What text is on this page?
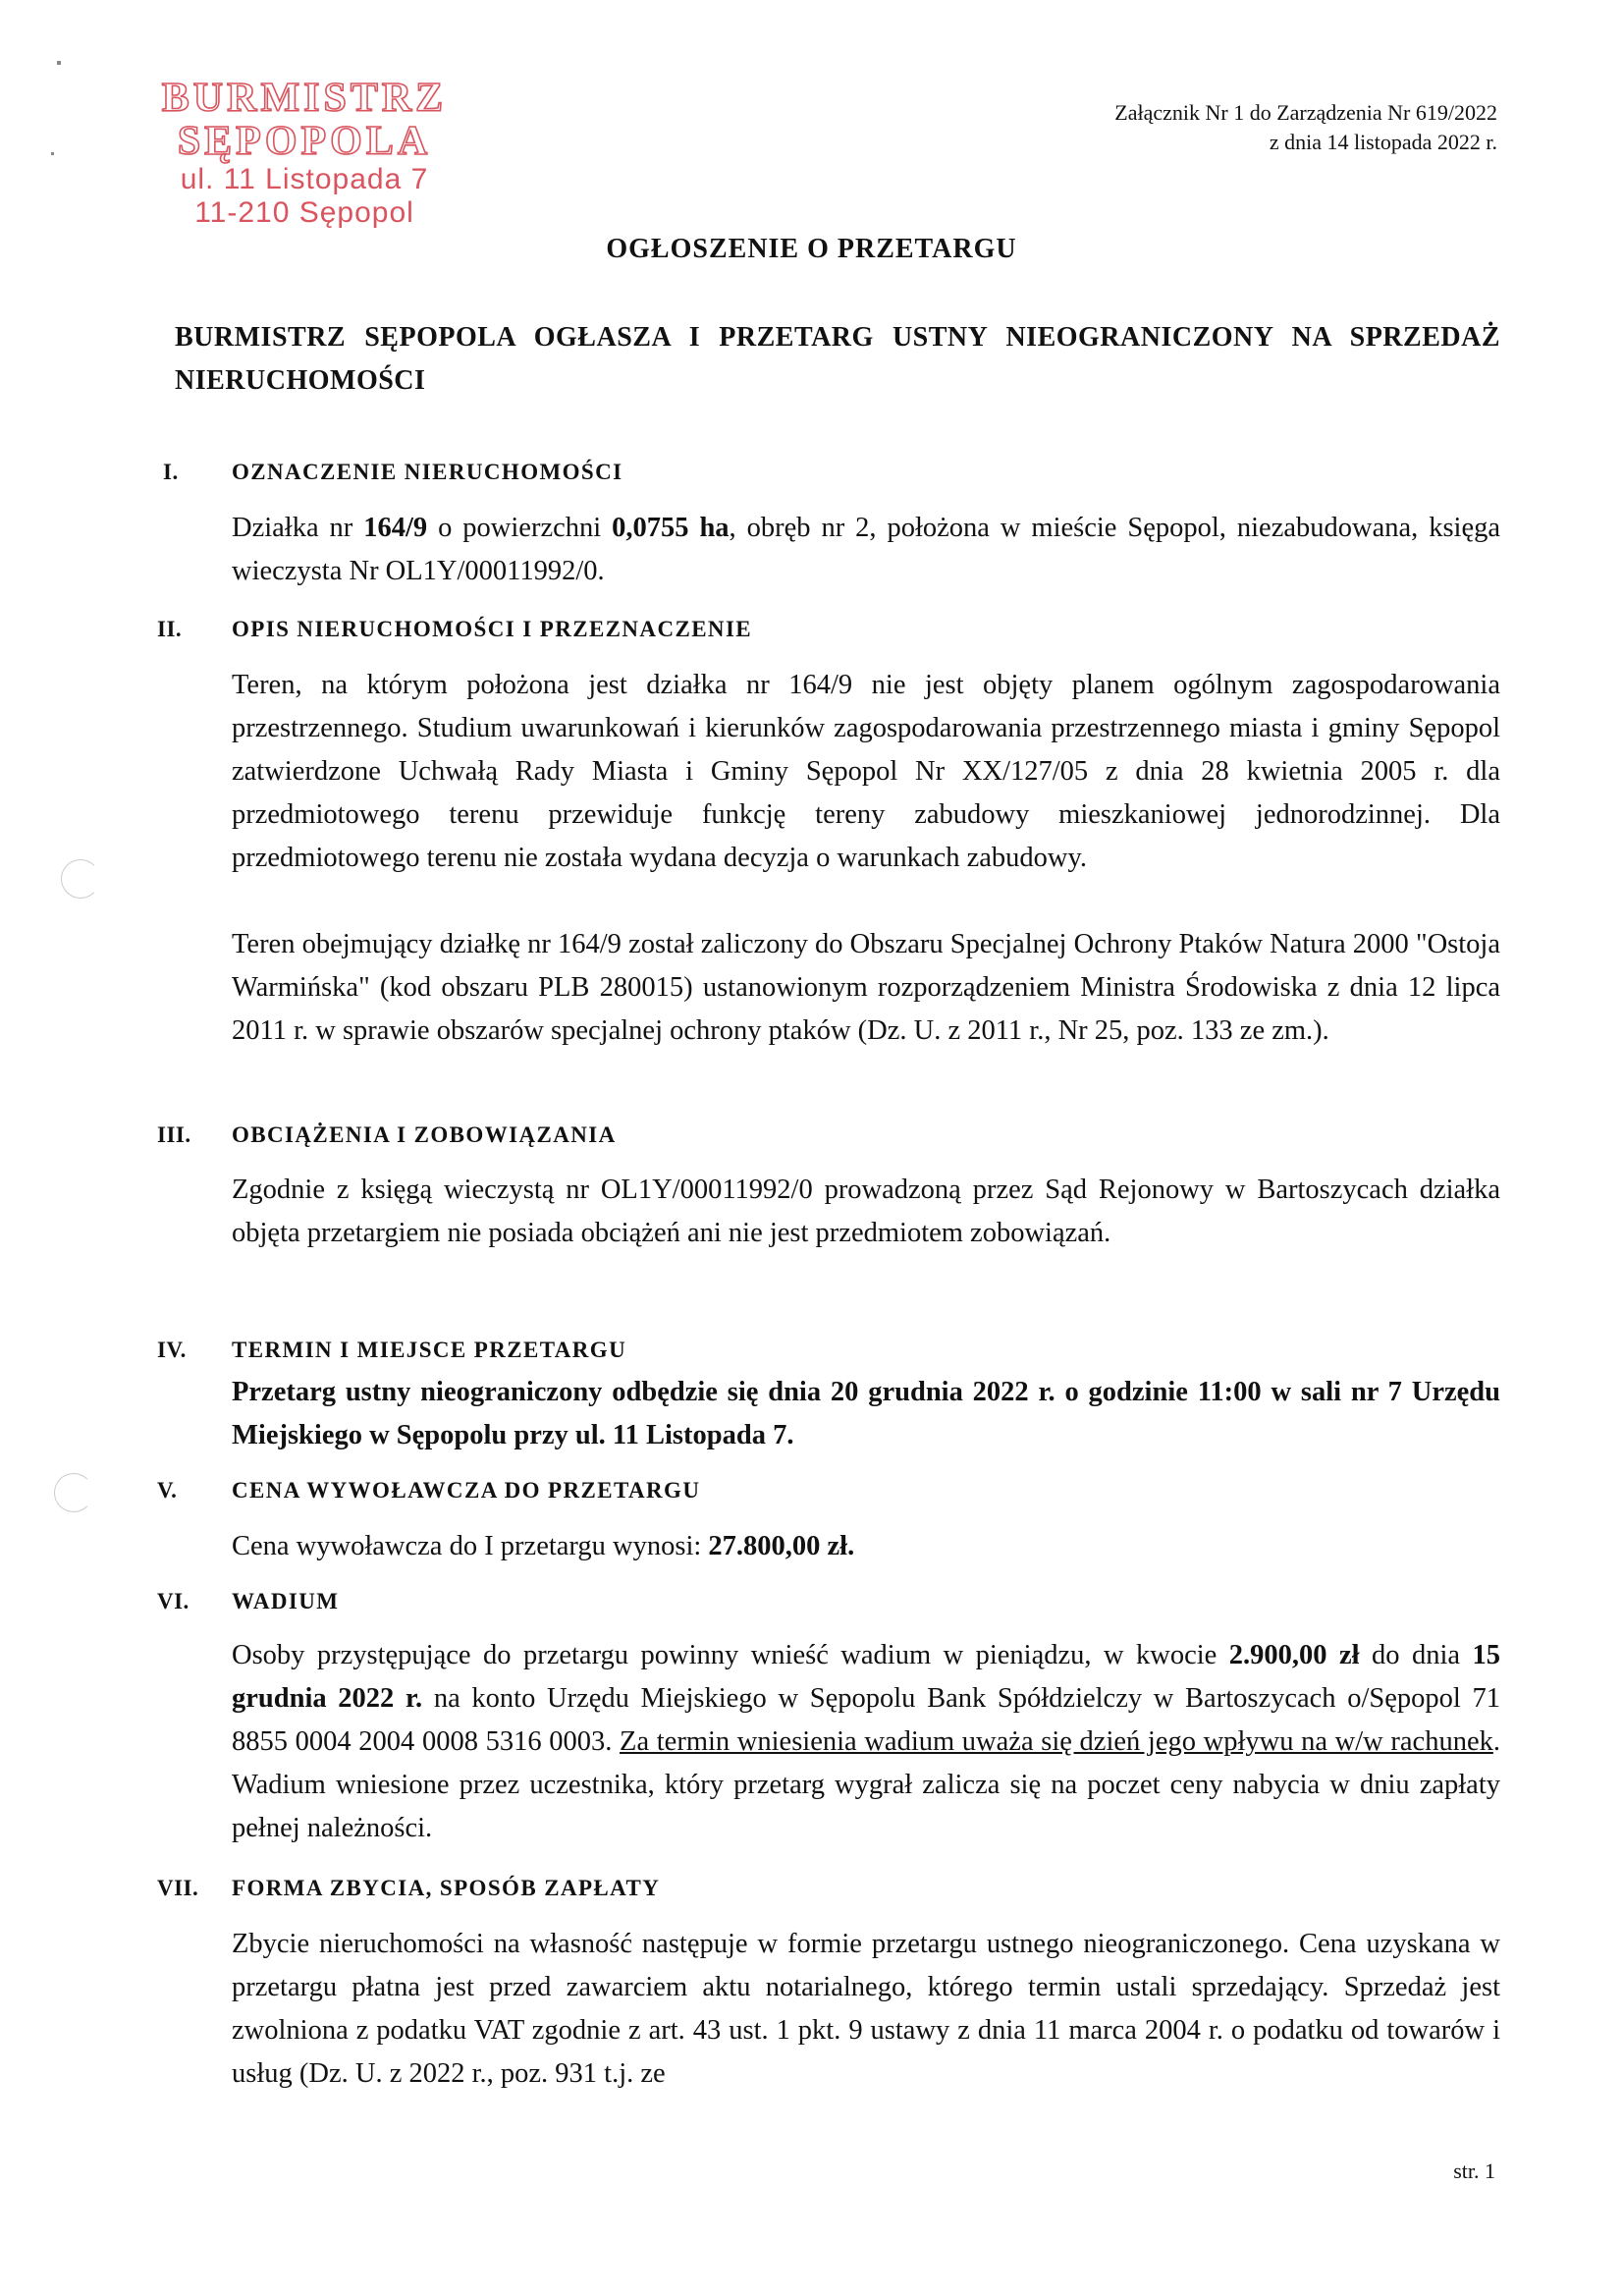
BURMISTRZ
SĘPOPOLA
ul. 11 Listopada 7
11-210 Sępopol
Załącznik Nr 1 do Zarządzenia Nr 619/2022
z dnia 14 listopada 2022 r.
OGŁOSZENIE O PRZETARGU
BURMISTRZ SĘPOPOLA OGŁASZA I PRZETARG USTNY NIEOGRANICZONY NA SPRZEDAŻ NIERUCHOMOŚCI
I.	OZNACZENIE NIERUCHOMOŚCI
Działka nr 164/9 o powierzchni 0,0755 ha, obręb nr 2, położona w mieście Sępopol, niezabudowana, księga wieczysta Nr OL1Y/00011992/0.
II.	OPIS NIERUCHOMOŚCI I PRZEZNACZENIE
Teren, na którym położona jest działka nr 164/9 nie jest objęty planem ogólnym zagospodarowania przestrzennego. Studium uwarunkowań i kierunków zagospodarowania przestrzennego miasta i gminy Sępopol zatwierdzone Uchwałą Rady Miasta i Gminy Sępopol Nr XX/127/05 z dnia 28 kwietnia 2005 r. dla przedmiotowego terenu przewiduje funkcję tereny zabudowy mieszkaniowej jednorodzinnej. Dla przedmiotowego terenu nie została wydana decyzja o warunkach zabudowy.
Teren obejmujący działkę nr 164/9 został zaliczony do Obszaru Specjalnej Ochrony Ptaków Natura 2000 "Ostoja Warmińska" (kod obszaru PLB 280015) ustanowionym rozporządzeniem Ministra Środowiska z dnia 12 lipca 2011 r. w sprawie obszarów specjalnej ochrony ptaków (Dz. U. z 2011 r., Nr 25, poz. 133 ze zm.).
III.	OBCIĄŻENIA I ZOBOWIĄZANIA
Zgodnie z księgą wieczystą nr OL1Y/00011992/0 prowadzoną przez Sąd Rejonowy w Bartoszycach działka objęta przetargiem nie posiada obciążeń ani nie jest przedmiotem zobowiązań.
IV.	TERMIN I MIEJSCE PRZETARGU
Przetarg ustny nieograniczony odbędzie się dnia 20 grudnia 2022 r. o godzinie 11:00 w sali nr 7 Urzędu Miejskiego w Sępopolu przy ul. 11 Listopada 7.
V.	CENA WYWOŁAWCZA DO PRZETARGU
Cena wywoławcza do I przetargu wynosi: 27.800,00 zł.
VI.	WADIUM
Osoby przystępujące do przetargu powinny wnieść wadium w pieniądzu, w kwocie 2.900,00 zł do dnia 15 grudnia 2022 r. na konto Urzędu Miejskiego w Sępopolu Bank Spółdzielczy w Bartoszycach o/Sępopol 71 8855 0004 2004 0008 5316 0003. Za termin wniesienia wadium uważa się dzień jego wpływu na w/w rachunek. Wadium wniesione przez uczestnika, który przetarg wygrał zalicza się na poczet ceny nabycia w dniu zapłaty pełnej należności.
VII.	FORMA ZBYCIA, SPOSÓB ZAPŁATY
Zbycie nieruchomości na własność następuje w formie przetargu ustnego nieograniczonego. Cena uzyskana w przetargu płatna jest przed zawarciem aktu notarialnego, którego termin ustali sprzedający. Sprzedaż jest zwolniona z podatku VAT zgodnie z art. 43 ust. 1 pkt. 9 ustawy z dnia 11 marca 2004 r. o podatku od towarów i usług (Dz. U. z 2022 r., poz. 931 t.j. ze
str. 1
